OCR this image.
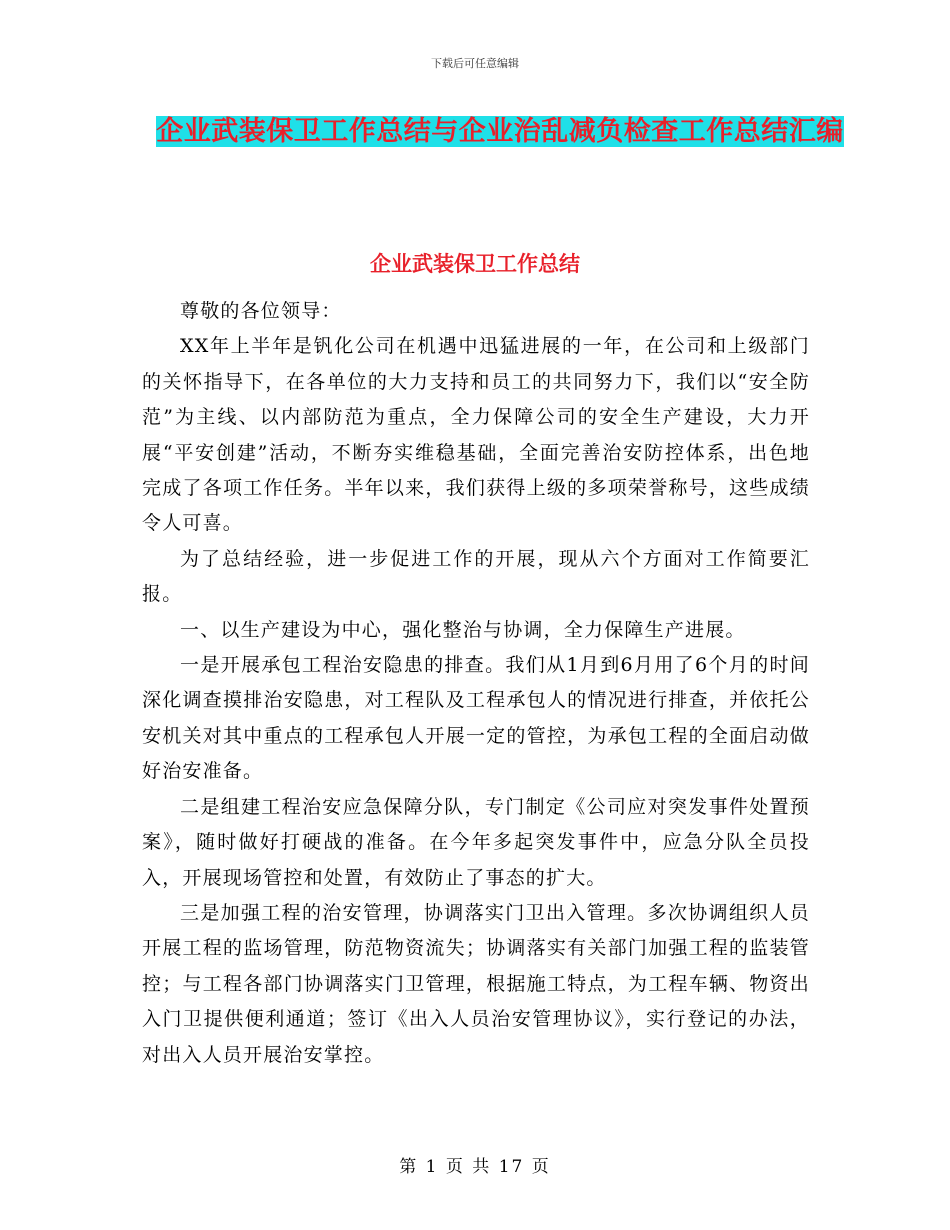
下载后可任意编辑
企业武装保卫工作总结与企业治乱减负检查工作总结汇编
企业武装保卫工作总结

尊敬的各位领导：

XX年上半年是钒化公司在机遇中迅猛进展的一年，在公司和上级部门的关怀指导下，在各单位的大力支持和员工的共同努力下，我们以“安全防范”为主线、以内部防范为重点，全力保障公司的安全生产建设，大力开展“平安创建”活动，不断夯实维稳基础，全面完善治安防控体系，出色地完成了各项工作任务。半年以来，我们获得上级的多项荣誉称号，这些成绩令人可喜。

为了总结经验，进一步促进工作的开展，现从六个方面对工作简要汇报。

一、以生产建设为中心，强化整治与协调，全力保障生产进展。

一是开展承包工程治安隐患的排查。我们从1月到6月用了6个月的时间深化调查摸排治安隐患，对工程队及工程承包人的情况进行排查，并依托公安机关对其中重点的工程承包人开展一定的管控，为承包工程的全面启动做好治安准备。

二是组建工程治安应急保障分队，专门制定《公司应对突发事件处置预案》，随时做好打硬战的准备。在今年多起突发事件中，应急分队全员投入，开展现场管控和处置，有效防止了事态的扩大。

三是加强工程的治安管理，协调落实门卫出入管理。多次协调组织人员开展工程的监场管理，防范物资流失；协调落实有关部门加强工程的监装管控；与工程各部门协调落实门卫管理，根据施工特点，为工程车辆、物资出入门卫提供便利通道；签订《出入人员治安管理协议》，实行登记的办法，对出入人员开展治安掌控。

第 1 页 共 17 页
